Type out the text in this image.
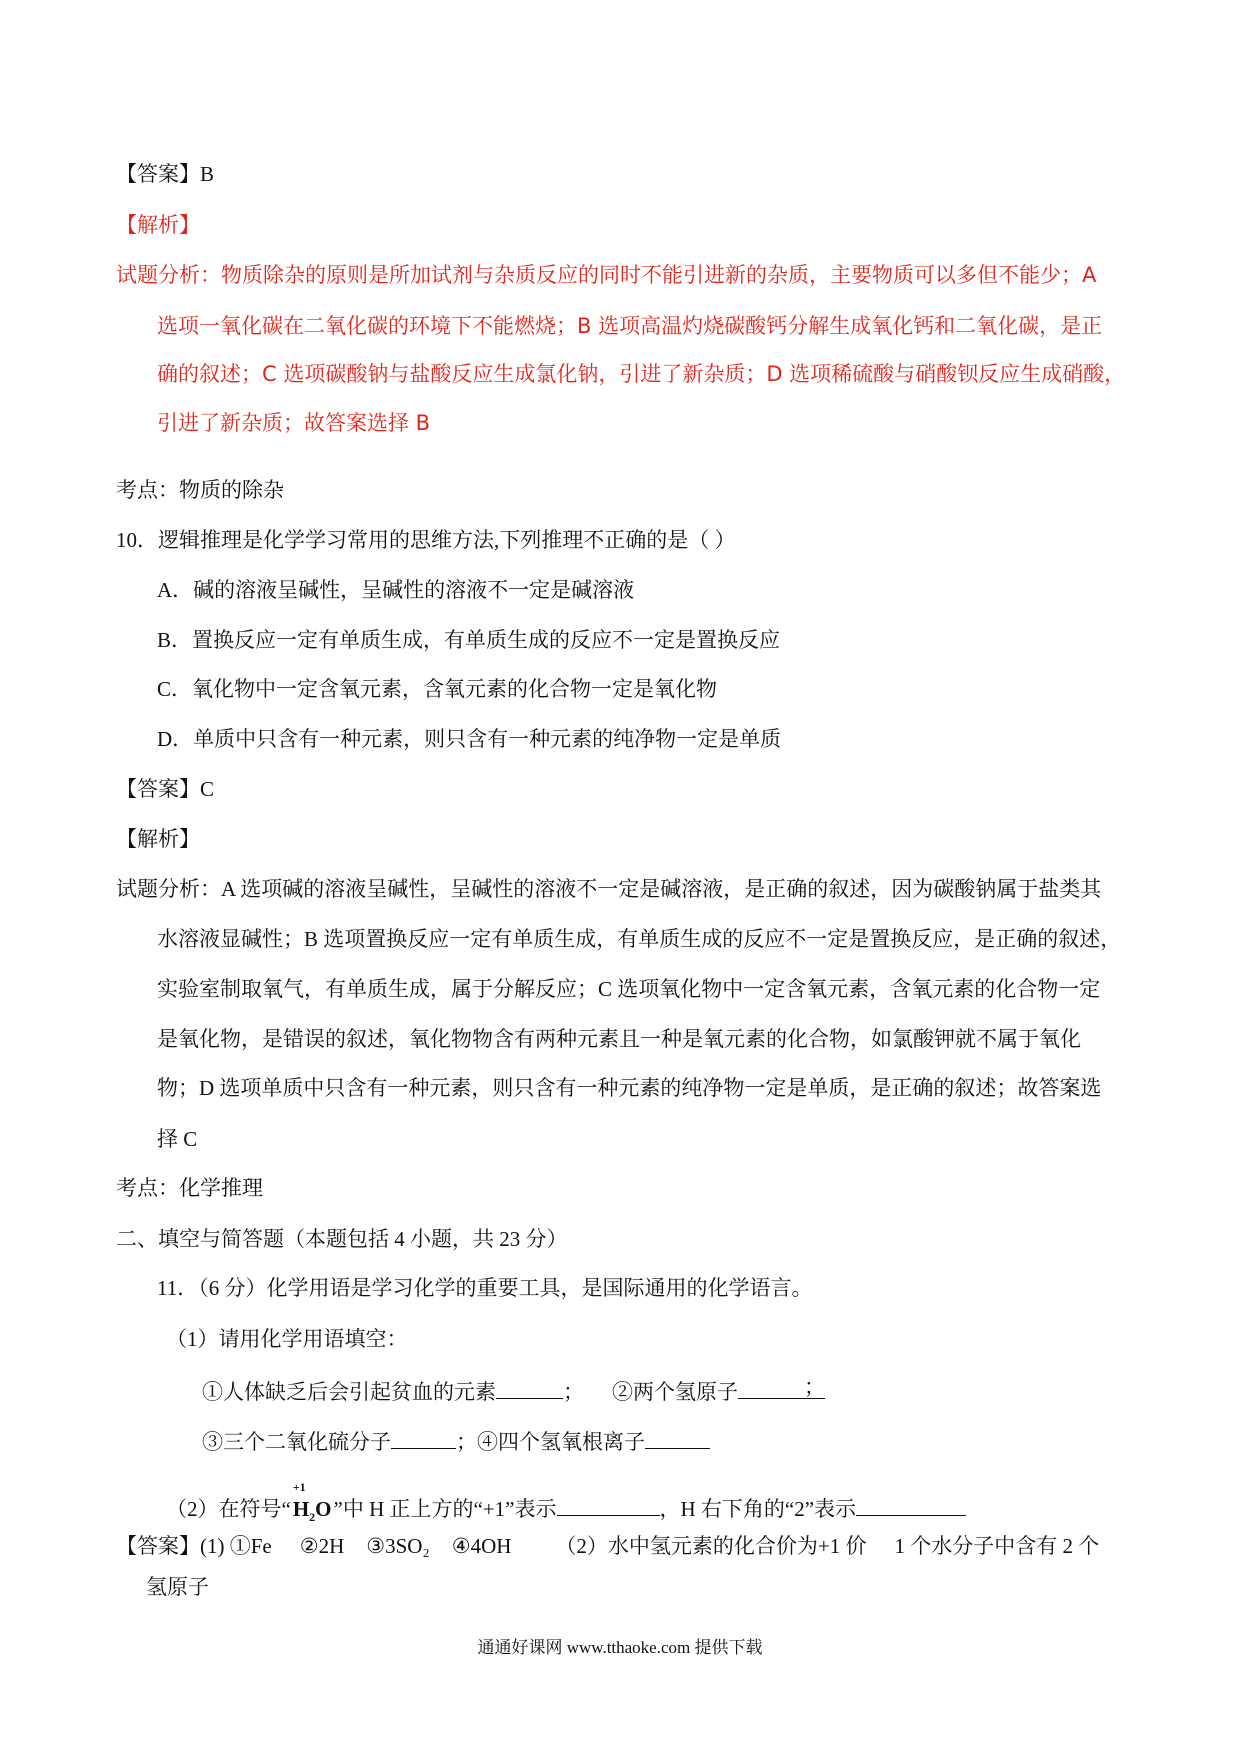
【答案】B
【解析】
试题分析：物质除杂的原则是所加试剂与杂质反应的同时不能引进新的杂质，主要物质可以多但不能少；A
选项一氧化碳在二氧化碳的环境下不能燃烧；B 选项高温灼烧碳酸钙分解生成氧化钙和二氧化碳，是正
确的叙述；C 选项碳酸钠与盐酸反应生成氯化钠，引进了新杂质；D 选项稀硫酸与硝酸钡反应生成硝酸，
引进了新杂质；故答案选择 B
考点：物质的除杂
10．逻辑推理是化学学习常用的思维方法,下列推理不正确的是（ ）
A．碱的溶液呈碱性，呈碱性的溶液不一定是碱溶液
B．置换反应一定有单质生成，有单质生成的反应不一定是置换反应
C．氧化物中一定含氧元素，含氧元素的化合物一定是氧化物
D．单质中只含有一种元素，则只含有一种元素的纯净物一定是单质
【答案】C
【解析】
试题分析：A 选项碱的溶液呈碱性，呈碱性的溶液不一定是碱溶液，是正确的叙述，因为碳酸钠属于盐类其
水溶液显碱性；B 选项置换反应一定有单质生成，有单质生成的反应不一定是置换反应，是正确的叙述，
实验室制取氧气，有单质生成，属于分解反应；C 选项氧化物中一定含氧元素，含氧元素的化合物一定
是氧化物，是错误的叙述，氧化物物含有两种元素且一种是氧元素的化合物，如氯酸钾就不属于氧化
物；D 选项单质中只含有一种元素，则只含有一种元素的纯净物一定是单质，是正确的叙述；故答案选
择 C
考点：化学推理
二、填空与简答题（本题包括 4 小题，共 23 分）
11．（6 分）化学用语是学习化学的重要工具，是国际通用的化学语言。
（1）请用化学用语填空：
①人体缺乏后会引起贫血的元素	； ②两个氢原子	；
③三个二氧化硫分子	；④四个氢氧根离子
（2）在符号“
+1
$H_2O$”中 H 正上方的“+1”表示	，H 右下角的“2”表示
【答案】(1) ①Fe ②2H ③3SO₂ ④4OH （2）水中氢元素的化合价为+1 价 1 个水分子中含有 2 个
氢原子
通通好课网 www.tthaoke.com 提供下载
